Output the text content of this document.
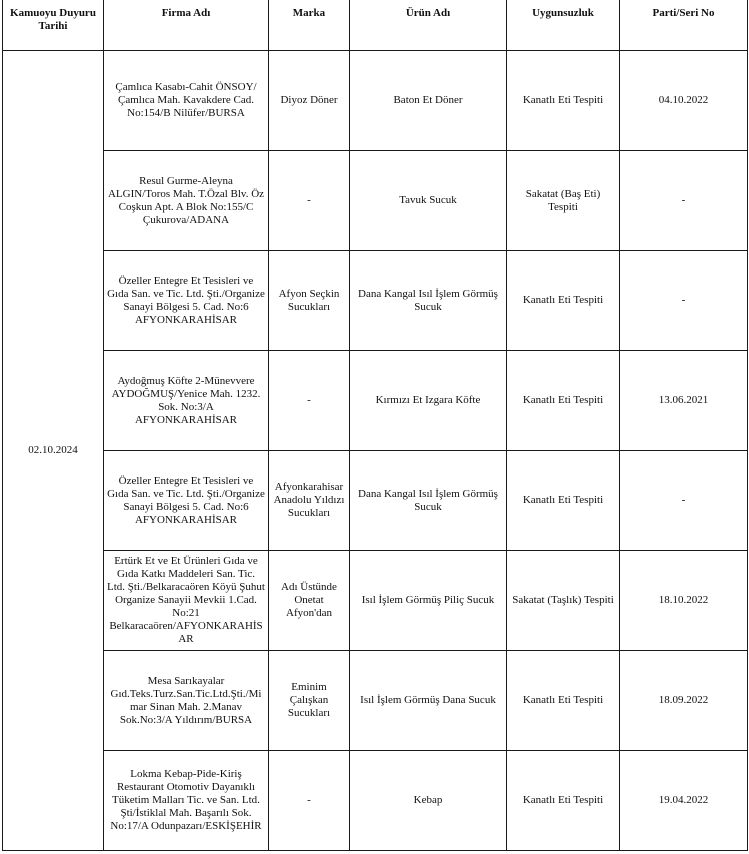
Kamuoyu Duyuru Tarihi	Firma Adı	Marka	Ürün Adı	Uygunsuzluk	Parti/Seri No
02.10.2024	Çamlıca Kasabı-Cahit ÖNSOY/Çamlıca Mah. Kavakdere Cad. No:154/B Nilüfer/BURSA	Diyoz Döner	Baton Et Döner	Kanatlı Eti Tespiti	04.10.2022
	Resul Gurme-Aleyna ALGIN/Toros Mah. T.Özal Blv. Öz Coşkun Apt. A Blok No:155/C Çukurova/ADANA	-	Tavuk Sucuk	Sakatat (Baş Eti) Tespiti	-
	Özeller Entegre Et Tesisleri ve Gıda San. ve Tic. Ltd. Şti./Organize Sanayi Bölgesi 5. Cad. No:6 AFYONKARAHİSAR	Afyon Seçkin Sucukları	Dana Kangal Isıl İşlem Görmüş Sucuk	Kanatlı Eti Tespiti	-
	Aydoğmuş Köfte 2-Münevvere AYDOĞMUŞ/Yenice Mah. 1232. Sok. No:3/A AFYONKARAHİSAR	-	Kırmızı Et Izgara Köfte	Kanatlı Eti Tespiti	13.06.2021
	Özeller Entegre Et Tesisleri ve Gıda San. ve Tic. Ltd. Şti./Organize Sanayi Bölgesi 5. Cad. No:6 AFYONKARAHİSAR	Afyonkarahisar Anadolu Yıldızı Sucukları	Dana Kangal Isıl İşlem Görmüş Sucuk	Kanatlı Eti Tespiti	-
	Ertürk Et ve Et Ürünleri Gıda ve Gıda Katkı Maddeleri San. Tic. Ltd. Şti./Belkaracaören Köyü Şuhut Organize Sanayii Mevkii 1.Cad. No:21 Belkaracaören/AFYONKARAHİSAR	Adı Üstünde Onetat Afyon'dan	Isıl İşlem Görmüş Piliç Sucuk	Sakatat (Taşlık) Tespiti	18.10.2022
	Mesa Sarıkayalar Gıd.Teks.Turz.San.Tic.Ltd.Şti./Mimar Sinan Mah. 2.Manav Sok.No:3/A Yıldırım/BURSA	Eminim Çalışkan Sucukları	Isıl İşlem Görmüş Dana Sucuk	Kanatlı Eti Tespiti	18.09.2022
	Lokma Kebap-Pide-Kiriş Restaurant Otomotiv Dayanıklı Tüketim Malları Tic. ve San. Ltd. Şti/İstiklal Mah. Başarılı Sok. No:17/A Odunpazarı/ESKİŞEHİR	-	Kebap	Kanatlı Eti Tespiti	19.04.2022
